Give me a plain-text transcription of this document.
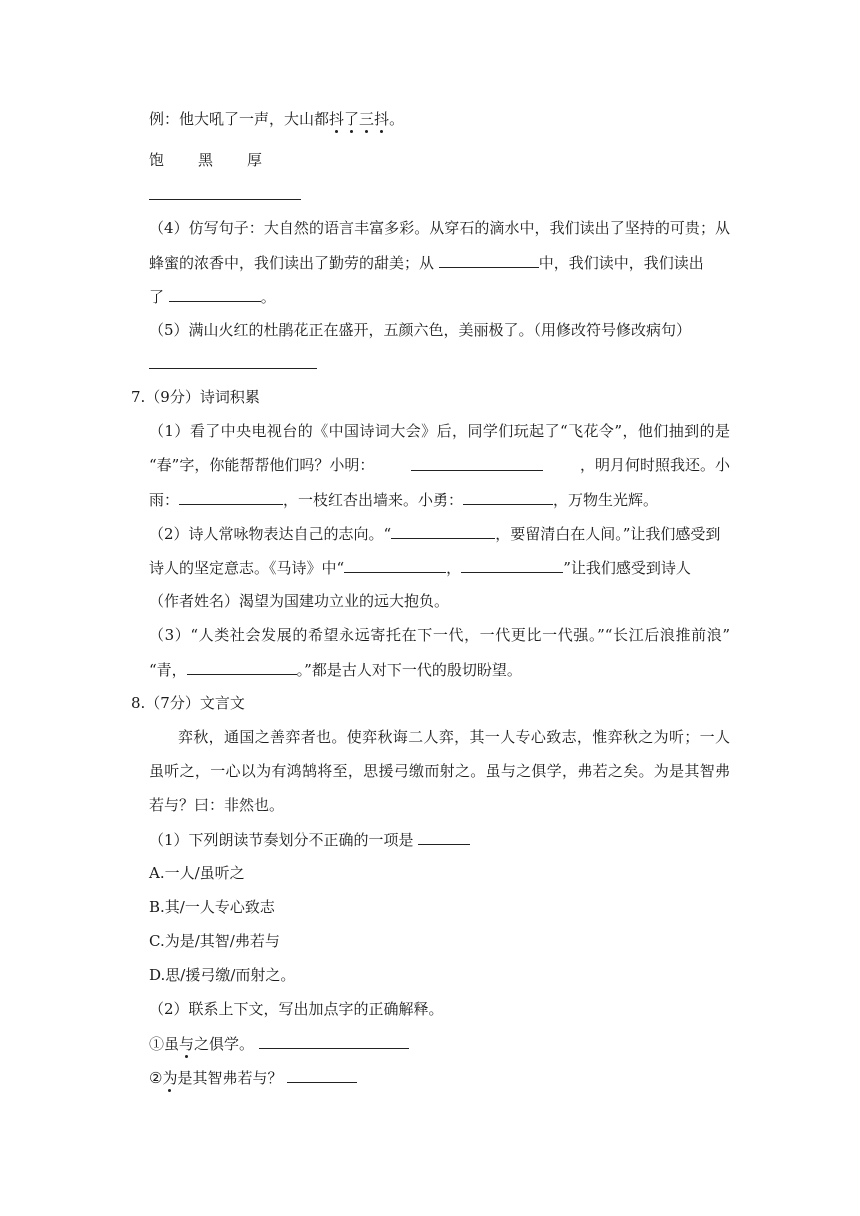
例：他大吼了一声，大山都抖了三抖。
饱 黑 厚
（4）仿写句子：大自然的语言丰富多彩。从穿石的滴水中，我们读出了坚持的可贵；从
蜂蜜的浓香中，我们读出了勤劳的甜美；从	中，我们读中，我们读出
了	。
（5）满山火红的杜鹃花正在盛开，五颜六色，美丽极了。（用修改符号修改病句）
7.（9分）诗词积累
（1）看了中央电视台的《中国诗词大会》后，同学们玩起了“飞花令”，他们抽到的是
“春”字，你能帮帮他们吗？小明：	，明月何时照我还。小
雨：	，一枝红杏出墙来。小勇：	，万物生光辉。
（2）诗人常咏物表达自己的志向。“	，要留清白在人间。”让我们感受到
诗人的坚定意志。《马诗》中“	，	”让我们感受到诗人
（作者姓名）渴望为国建功立业的远大抱负。
（3）“人类社会发展的希望永远寄托在下一代，一代更比一代强。”“长江后浪推前浪”
“青，	。”都是古人对下一代的殷切盼望。
8.（7分）文言文
弈秋，通国之善弈者也。使弈秋诲二人弈，其一人专心致志，惟弈秋之为听；一人
虽听之，一心以为有鸿鹄将至，思援弓缴而射之。虽与之俱学，弗若之矣。为是其智弗
若与？曰：非然也。
（1）下列朗读节奏划分不正确的一项是
A.一人/虽听之
B.其/一人专心致志
C.为是/其智/弗若与
D.思/援弓缴/而射之。
（2）联系上下文，写出加点字的正确解释。
①虽与之俱学。
②为是其智弗若与？
